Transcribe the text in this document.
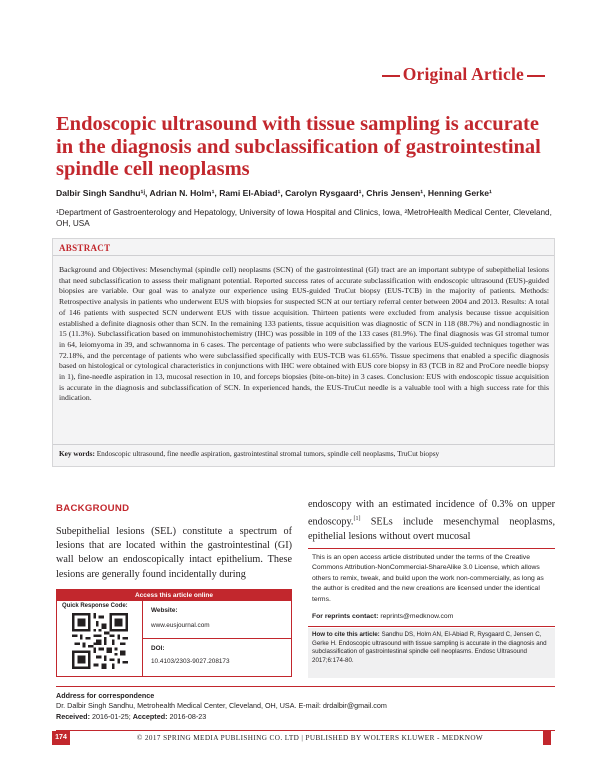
Original Article
Endoscopic ultrasound with tissue sampling is accurate in the diagnosis and subclassification of gastrointestinal spindle cell neoplasms
Dalbir Singh Sandhu¹ʲ, Adrian N. Holm¹, Rami El-Abiad¹, Carolyn Rysgaard¹, Chris Jensen¹, Henning Gerke¹
¹Department of Gastroenterology and Hepatology, University of Iowa Hospital and Clinics, Iowa, ²MetroHealth Medical Center, Cleveland, OH, USA
ABSTRACT
Background and Objectives: Mesenchymal (spindle cell) neoplasms (SCN) of the gastrointestinal (GI) tract are an important subtype of subepithelial lesions that need subclassification to assess their malignant potential. Reported success rates of accurate subclassification with endoscopic ultrasound (EUS)-guided biopsies are variable. Our goal was to analyze our experience using EUS-guided TruCut biopsy (EUS-TCB) in the majority of patients. Methods: Retrospective analysis in patients who underwent EUS with biopsies for suspected SCN at our tertiary referral center between 2004 and 2013. Results: A total of 146 patients with suspected SCN underwent EUS with tissue acquisition. Thirteen patients were excluded from analysis because tissue acquisition established a definite diagnosis other than SCN. In the remaining 133 patients, tissue acquisition was diagnostic of SCN in 118 (88.7%) and nondiagnostic in 15 (11.3%). Subclassification based on immunohistochemistry (IHC) was possible in 109 of the 133 cases (81.9%). The final diagnosis was GI stromal tumor in 64, leiomyoma in 39, and schwannoma in 6 cases. The percentage of patients who were subclassified by the various EUS-guided techniques together was 72.18%, and the percentage of patients who were subclassified specifically with EUS-TCB was 61.65%. Tissue specimens that enabled a specific diagnosis based on histological or cytological characteristics in conjunctions with IHC were obtained with EUS core biopsy in 83 (TCB in 82 and ProCore needle biopsy in 1), fine-needle aspiration in 13, mucosal resection in 10, and forceps biopsies (bite-on-bite) in 3 cases. Conclusion: EUS with endoscopic tissue acquisition is accurate in the diagnosis and subclassification of SCN. In experienced hands, the EUS-TruCut needle is a valuable tool with a high success rate for this indication.
Key words: Endoscopic ultrasound, fine needle aspiration, gastrointestinal stromal tumors, spindle cell neoplasms, TruCut biopsy
BACKGROUND
Subepithelial lesions (SEL) constitute a spectrum of lesions that are located within the gastrointestinal (GI) wall below an endoscopically intact epithelium. These lesions are generally found incidentally during
endoscopy with an estimated incidence of 0.3% on upper endoscopy.[1] SELs include mesenchymal neoplasms, epithelial lesions without overt mucosal
Access this article online
Quick Response Code:
Website:
www.eusjournal.com
DOI:
10.4103/2303-9027.208173
This is an open access article distributed under the terms of the Creative Commons Attribution-NonCommercial-ShareAlike 3.0 License, which allows others to remix, tweak, and build upon the work non-commercially, as long as the author is credited and the new creations are licensed under the identical terms.
For reprints contact: reprints@medknow.com
How to cite this article: Sandhu DS, Holm AN, El-Abiad R, Rysgaard C, Jensen C, Gerke H. Endoscopic ultrasound with tissue sampling is accurate in the diagnosis and subclassification of gastrointestinal spindle cell neoplasms. Endosc Ultrasound 2017;6:174-80.
Address for correspondence
Dr. Dalbir Singh Sandhu, Metrohealth Medical Center, Cleveland, OH, USA. E-mail: drdalbir@gmail.com
Received: 2016-01-25; Accepted: 2016-08-23
174	© 2017 SPRING MEDIA PUBLISHING CO. LTD | PUBLISHED BY WOLTERS KLUWER - MEDKNOW
